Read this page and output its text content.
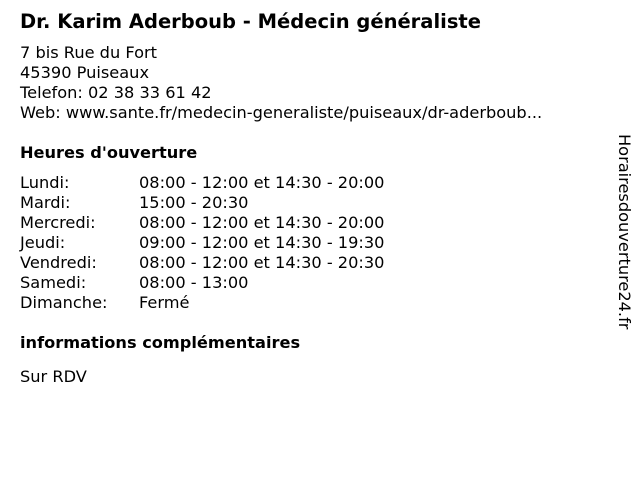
Dr. Karim Aderboub - Médecin généraliste
7 bis Rue du Fort
45390 Puiseaux
Telefon: 02 38 33 61 42
Web: www.sante.fr/medecin-generaliste/puiseaux/dr-aderboub...
Heures d'ouverture
Lundi:	08:00 - 12:00 et 14:30 - 20:00
Mardi:	15:00 - 20:30
Mercredi:	08:00 - 12:00 et 14:30 - 20:00
Jeudi:	09:00 - 12:00 et 14:30 - 19:30
Vendredi:	08:00 - 12:00 et 14:30 - 20:30
Samedi:	08:00 - 13:00
Dimanche:	Fermé
informations complémentaires
Sur RDV
Horairesdouverture24.fr
